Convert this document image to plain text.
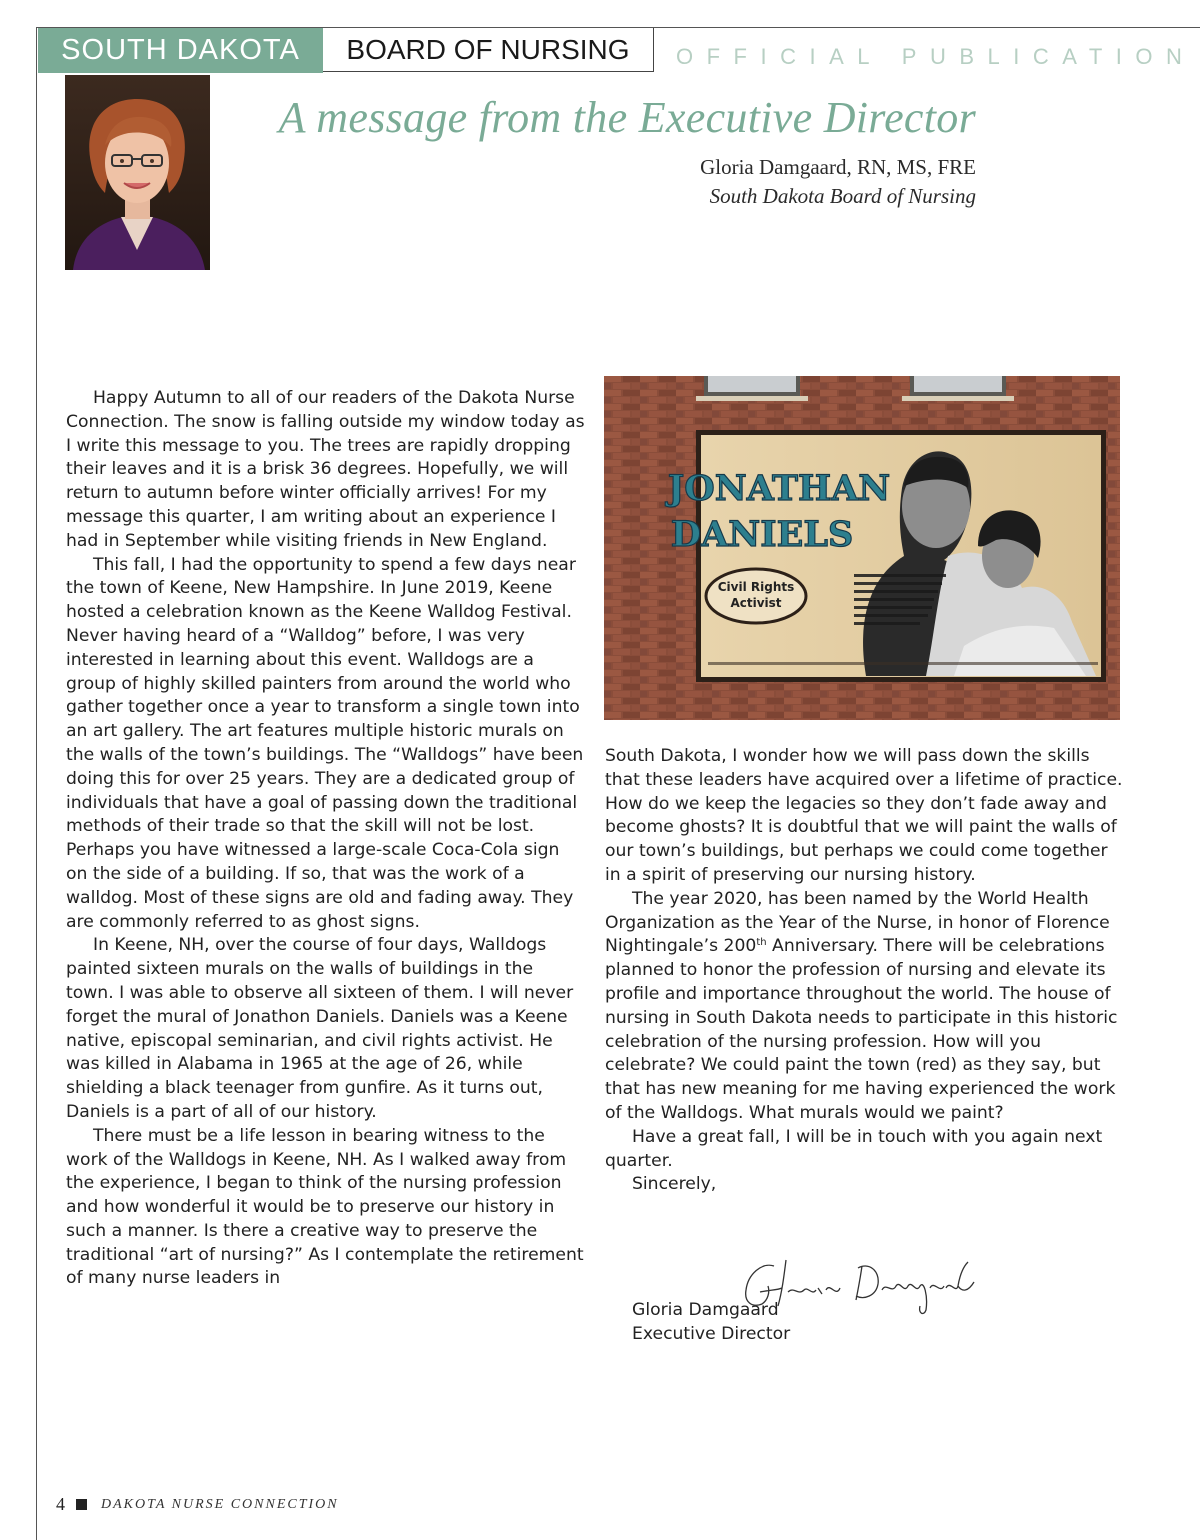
SOUTH DAKOTA	BOARD OF NURSING	OFFICIAL PUBLICATION
A message from the Executive Director
Gloria Damgaard, RN, MS, FRE
South Dakota Board of Nursing

Happy Autumn to all of our readers of the Dakota Nurse Connection. The snow is falling outside my window today as I write this message to you. The trees are rapidly dropping their leaves and it is a brisk 36 degrees. Hopefully, we will return to autumn before winter officially arrives! For my message this quarter, I am writing about an experience I had in September while visiting friends in New England.

This fall, I had the opportunity to spend a few days near the town of Keene, New Hampshire. In June 2019, Keene hosted a celebration known as the Keene Walldog Festival. Never having heard of a “Walldog” before, I was very interested in learning about this event. Walldogs are a group of highly skilled painters from around the world who gather together once a year to transform a single town into an art gallery. The art features multiple historic murals on the walls of the town’s buildings. The “Walldogs” have been doing this for over 25 years. They are a dedicated group of individuals that have a goal of passing down the traditional methods of their trade so that the skill will not be lost. Perhaps you have witnessed a large-scale Coca-Cola sign on the side of a building. If so, that was the work of a walldog. Most of these signs are old and fading away. They are commonly referred to as ghost signs.

In Keene, NH, over the course of four days, Walldogs painted sixteen murals on the walls of buildings in the town. I was able to observe all sixteen of them. I will never forget the mural of Jonathon Daniels. Daniels was a Keene native, episcopal seminarian, and civil rights activist. He was killed in Alabama in 1965 at the age of 26, while shielding a black teenager from gunfire. As it turns out, Daniels is a part of all of our history.

There must be a life lesson in bearing witness to the work of the Walldogs in Keene, NH. As I walked away from the experience, I began to think of the nursing profession and how wonderful it would be to preserve our history in such a manner. Is there a creative way to preserve the traditional “art of nursing?” As I contemplate the retirement of many nurse leaders in

JONATHAN
DANIELS
Civil Rights
Activist

South Dakota, I wonder how we will pass down the skills that these leaders have acquired over a lifetime of practice. How do we keep the legacies so they don’t fade away and become ghosts? It is doubtful that we will paint the walls of our town’s buildings, but perhaps we could come together in a spirit of preserving our nursing history.

The year 2020, has been named by the World Health Organization as the Year of the Nurse, in honor of Florence Nightingale’s 200th Anniversary. There will be celebrations planned to honor the profession of nursing and elevate its profile and importance throughout the world. The house of nursing in South Dakota needs to participate in this historic celebration of the nursing profession. How will you celebrate? We could paint the town (red) as they say, but that has new meaning for me having experienced the work of the Walldogs. What murals would we paint?

Have a great fall, I will be in touch with you again next quarter.

Sincerely,

Gloria Damgaard

Executive Director

4	DAKOTA NURSE CONNECTION
